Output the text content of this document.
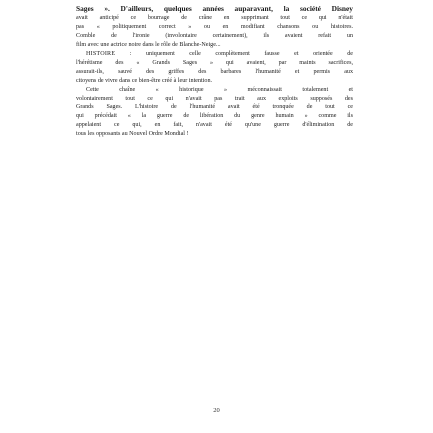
Sages ». D'ailleurs, quelques années auparavant, la société Disney
avait anticipé ce bourrage de crâne en supprimant tout ce qui n'était
pas « politiquement correct » ou en modifiant chansons ou histoires.
Comble de l'ironie (involontaire certainement), ils avaient refait un
film avec une actrice noire dans le rôle de Blanche-Neige...
HISTOIRE : uniquement celle complètement fausse et orientée de
l'hérétisme des « Grands Sages » qui avaient, par maints sacrifices,
assurait-ils, sauvé des griffes des barbares l'humanité et permis aux
citoyens de vivre dans ce bien-être créé à leur intention.
Cette chaîne « historique » méconnaissait totalement et
volontairement tout ce qui n'avait pas trait aux exploits supposés des
Grands Sages. L'histoire de l'humanité avait été tronquée de tout ce
qui précédait « la guerre de libération du genre humain » comme ils
appelaient ce qui, en fait, n'avait été qu'une guerre d'élimination de
tous les opposants au Nouvel Ordre Mondial !
20
